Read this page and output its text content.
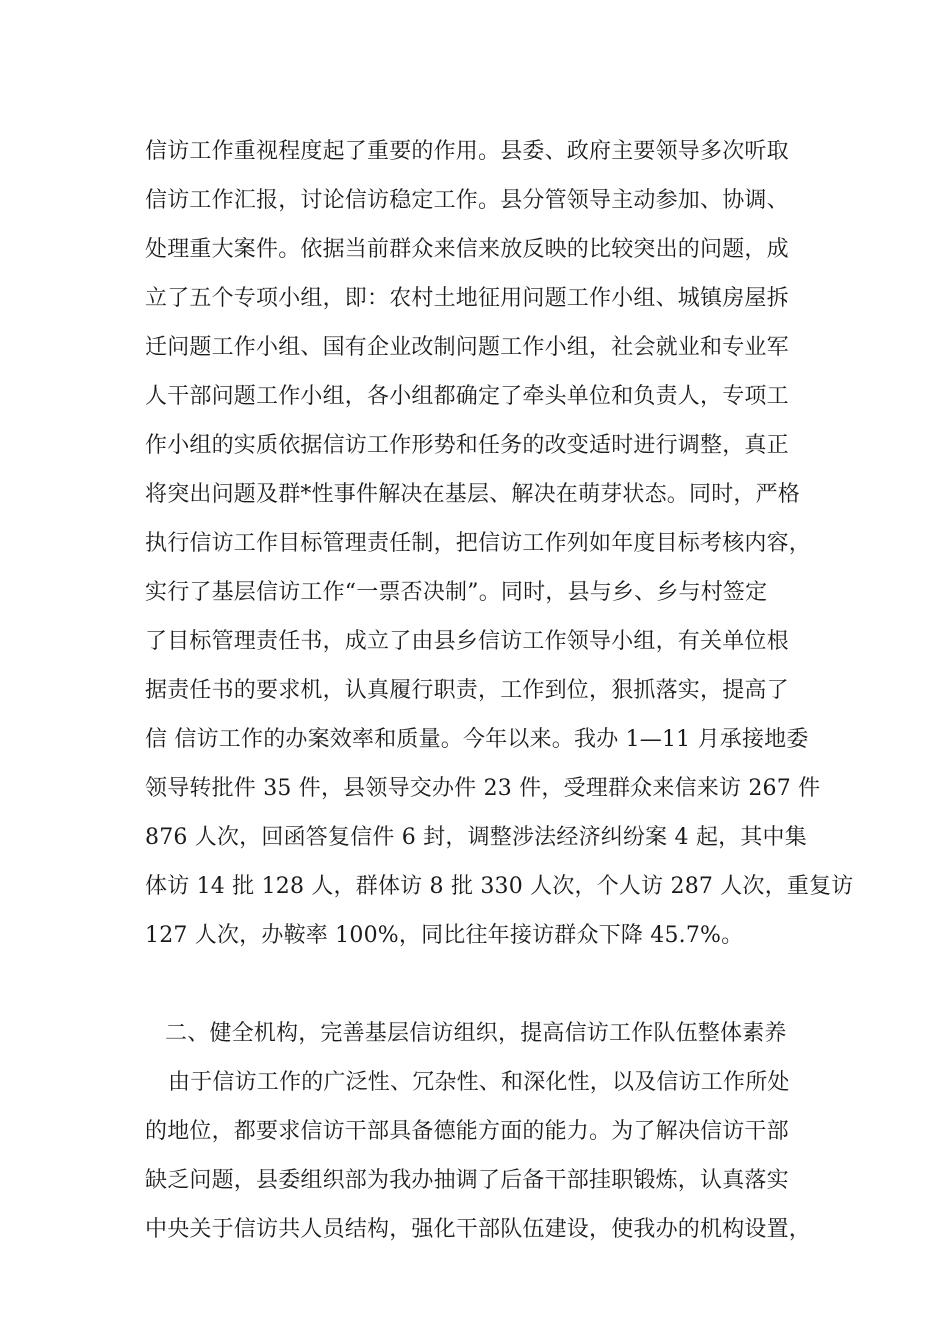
信访工作重视程度起了重要的作用。县委、政府主要领导多次听取
信访工作汇报，讨论信访稳定工作。县分管领导主动参加、协调、
处理重大案件。依据当前群众来信来放反映的比较突出的问题，成
立了五个专项小组，即：农村土地征用问题工作小组、城镇房屋拆
迁问题工作小组、国有企业改制问题工作小组，社会就业和专业军
人干部问题工作小组，各小组都确定了牵头单位和负责人，专项工
作小组的实质依据信访工作形势和任务的改变适时进行调整，真正
将突出问题及群*性事件解决在基层、解决在萌芽状态。同时，严格
执行信访工作目标管理责任制，把信访工作列如年度目标考核内容，
实行了基层信访工作“一票否决制”。同时，县与乡、乡与村签定
了目标管理责任书，成立了由县乡信访工作领导小组，有关单位根
据责任书的要求机，认真履行职责，工作到位，狠抓落实，提高了
信 信访工作的办案效率和质量。今年以来。我办 1—11 月承接地委
领导转批件 35 件，县领导交办件 23 件，受理群众来信来访 267 件
876 人次，回函答复信件 6 封，调整涉法经济纠纷案 4 起，其中集
体访 14 批 128 人，群体访 8 批 330 人次，个人访 287 人次，重复访
127 人次，办鞍率 100%，同比往年接访群众下降 45.7%。
二、健全机构，完善基层信访组织，提高信访工作队伍整体素养
由于信访工作的广泛性、冗杂性、和深化性，以及信访工作所处
的地位，都要求信访干部具备德能方面的能力。为了解决信访干部
缺乏问题，县委组织部为我办抽调了后备干部挂职锻炼，认真落实
中央关于信访共人员结构，强化干部队伍建设，使我办的机构设置，
